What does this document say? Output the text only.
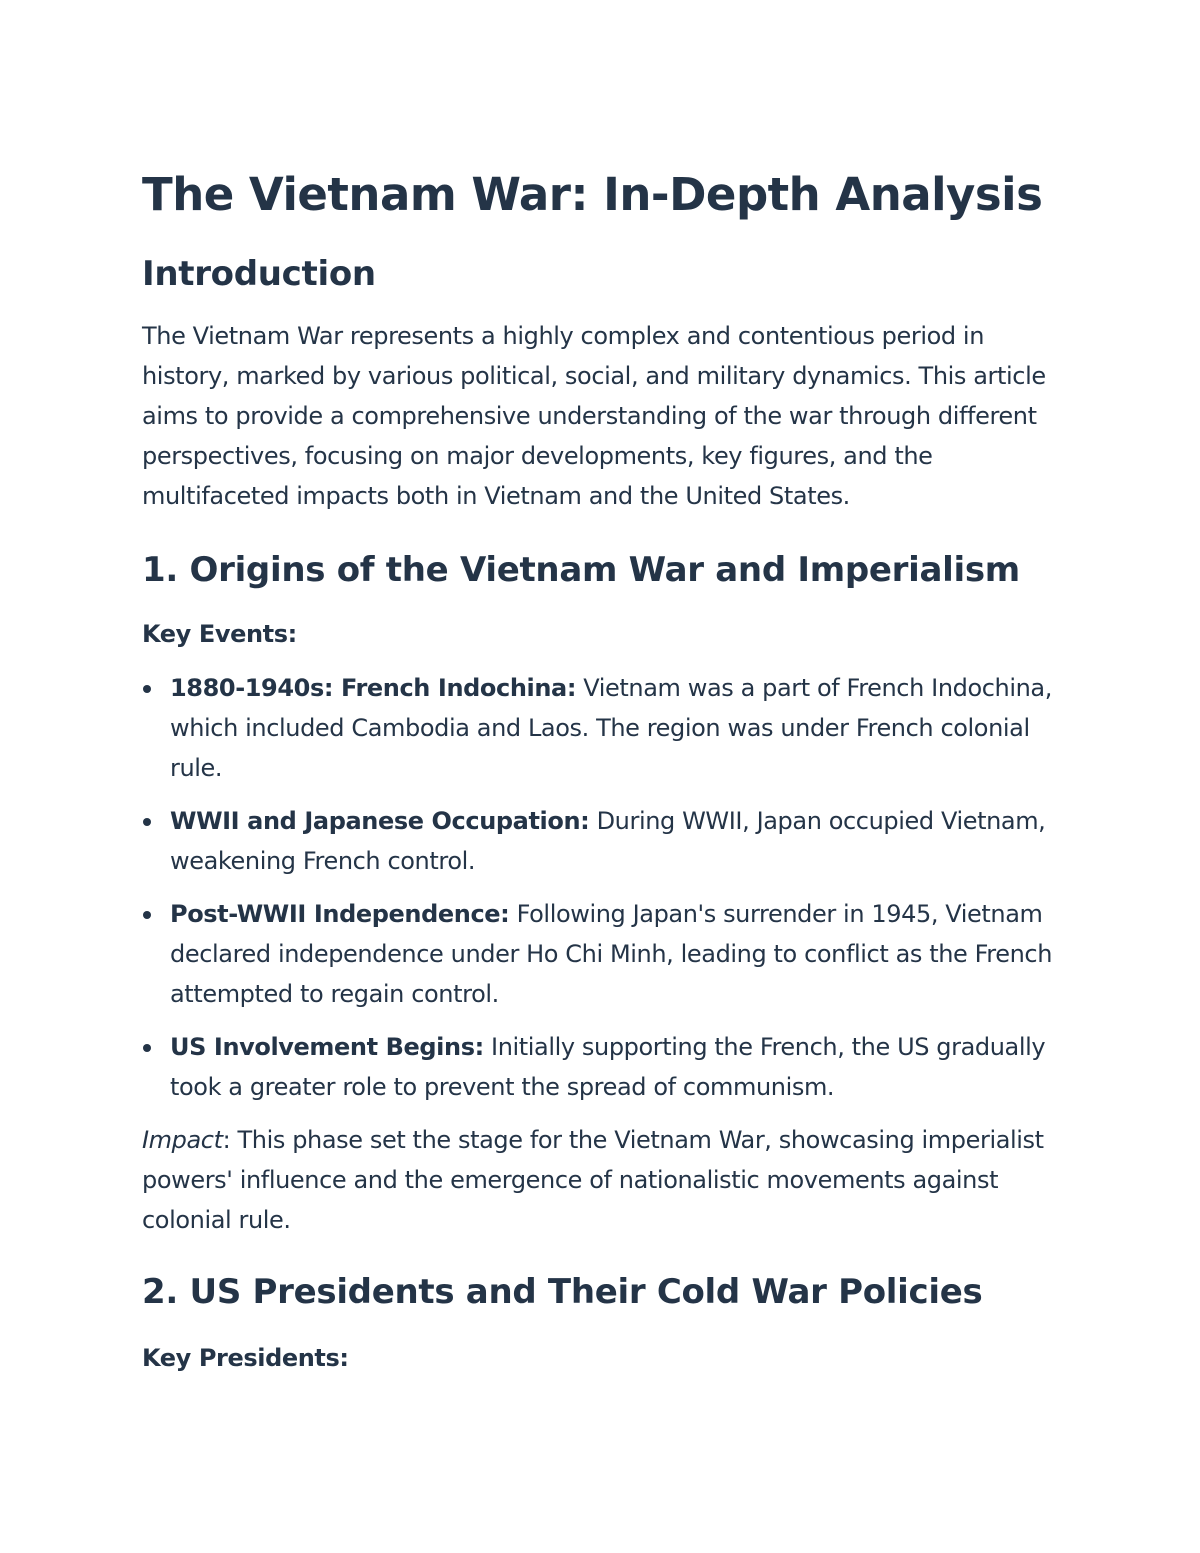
The Vietnam War: In-Depth Analysis
Introduction

The Vietnam War represents a highly complex and contentious period in history, marked by various political, social, and military dynamics. This article aims to provide a comprehensive understanding of the war through different perspectives, focusing on major developments, key figures, and the multifaceted impacts both in Vietnam and the United States.

1. Origins of the Vietnam War and Imperialism

Key Events:

1880-1940s: French Indochina: Vietnam was a part of French Indochina, which included Cambodia and Laos. The region was under French colonial rule.
WWII and Japanese Occupation: During WWII, Japan occupied Vietnam, weakening French control.
Post-WWII Independence: Following Japan's surrender in 1945, Vietnam declared independence under Ho Chi Minh, leading to conflict as the French attempted to regain control.
US Involvement Begins: Initially supporting the French, the US gradually took a greater role to prevent the spread of communism.

Impact: This phase set the stage for the Vietnam War, showcasing imperialist powers' influence and the emergence of nationalistic movements against colonial rule.

2. US Presidents and Their Cold War Policies

Key Presidents:
